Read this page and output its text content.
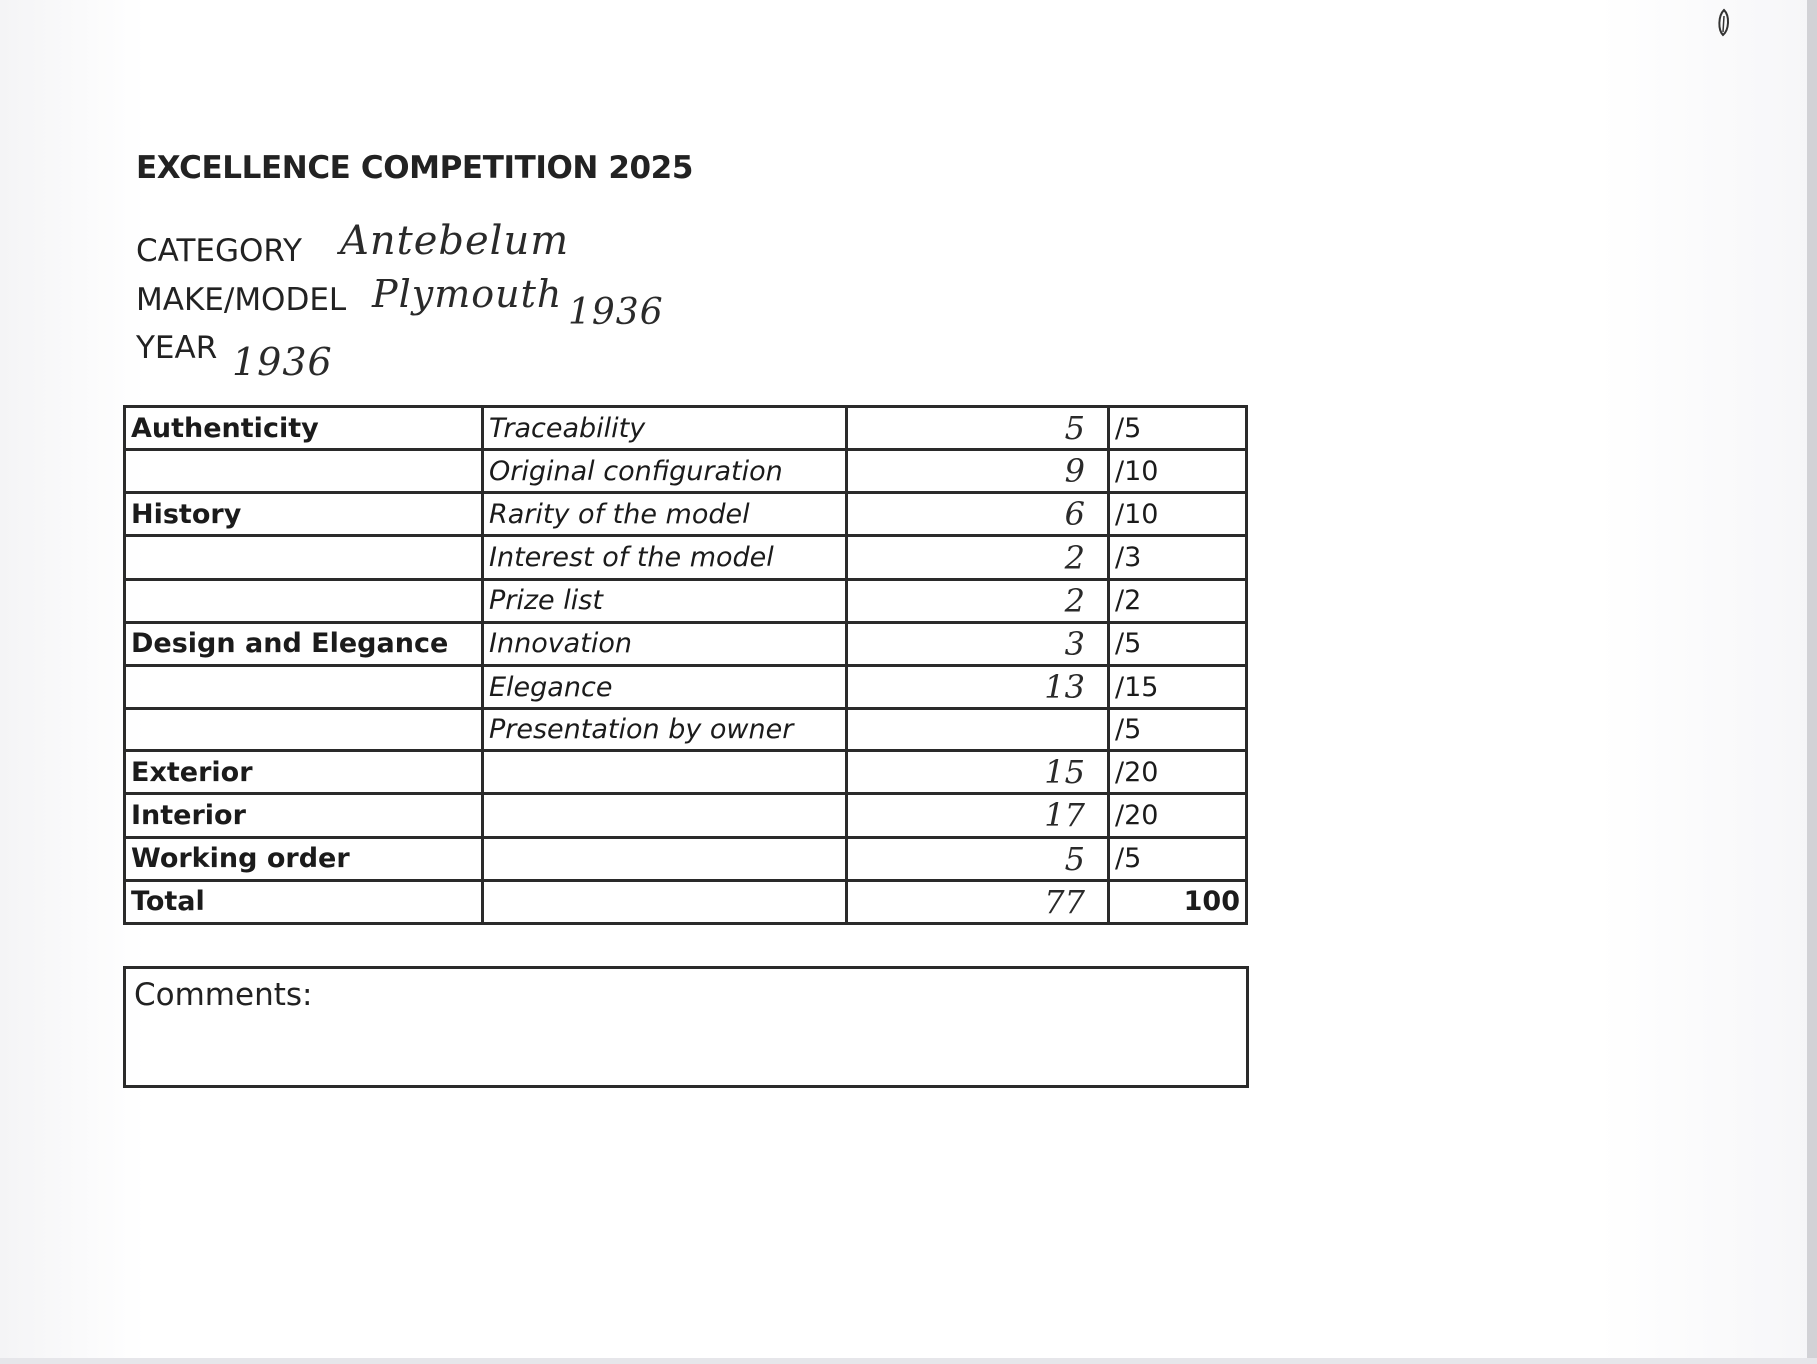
EXCELLENCE COMPETITION 2025
CATEGORY Antebelum
MAKE/MODEL Plymouth 1936
YEAR 1936
Authenticity	Traceability	5	/5
	Original configuration	9	/10
History	Rarity of the model	6	/10
	Interest of the model	2	/3
	Prize list	2	/2
Design and Elegance	Innovation	3	/5
	Elegance	13	/15
	Presentation by owner		/5
Exterior		15	/20
Interior		17	/20
Working order		5	/5
Total		77	100
Comments:
